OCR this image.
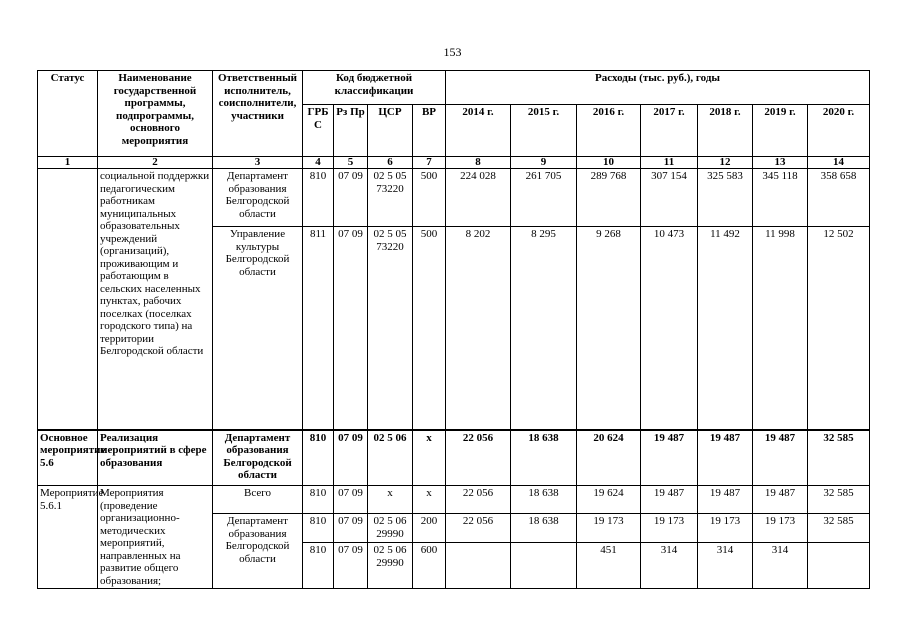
153
Статус	Наименование государственной программы, подпрограммы, основного мероприятия	Ответственный исполнитель, соисполнители, участники	Код бюджетной классификации				Расходы (тыс. руб.), годы						
			ГРБ С	Рз Пр	ЦСР	ВР	2014 г.	2015 г.	2016 г.	2017 г.	2018 г.	2019 г.	2020 г.
1	2	3	4	5	6	7	8	9	10	11	12	13	14
	социальной поддержки педагогическим работникам муниципальных образовательных учреждений (организаций), проживающим и работающим в сельских населенных пунктах, рабочих поселках (поселках городского типа) на территории Белгородской области	Департамент образования Белгородской области	810	07 09	02 5 05 73220	500	224 028	261 705	289 768	307 154	325 583	345 118	358 658
		Управление культуры Белгородской области	811	07 09	02 5 05 73220	500	8 202	8 295	9 268	10 473	11 492	11 998	12 502
Основное мероприятие 5.6	Реализация мероприятий в сфере образования	Департамент образования Белгородской области	810	07 09	02 5 06	х	22 056	18 638	20 624	19 487	19 487	19 487	32 585
Мероприятие 5.6.1	Мероприятия (проведение организационно-методических мероприятий, направленных на развитие общего образования;	Всего	810	07 09	х	х	22 056	18 638	19 624	19 487	19 487	19 487	32 585
		Департамент образования Белгородской области	810	07 09	02 5 06 29990	200	22 056	18 638	19 173	19 173	19 173	19 173	32 585
			810	07 09	02 5 06 29990	600			451	314	314	314	
